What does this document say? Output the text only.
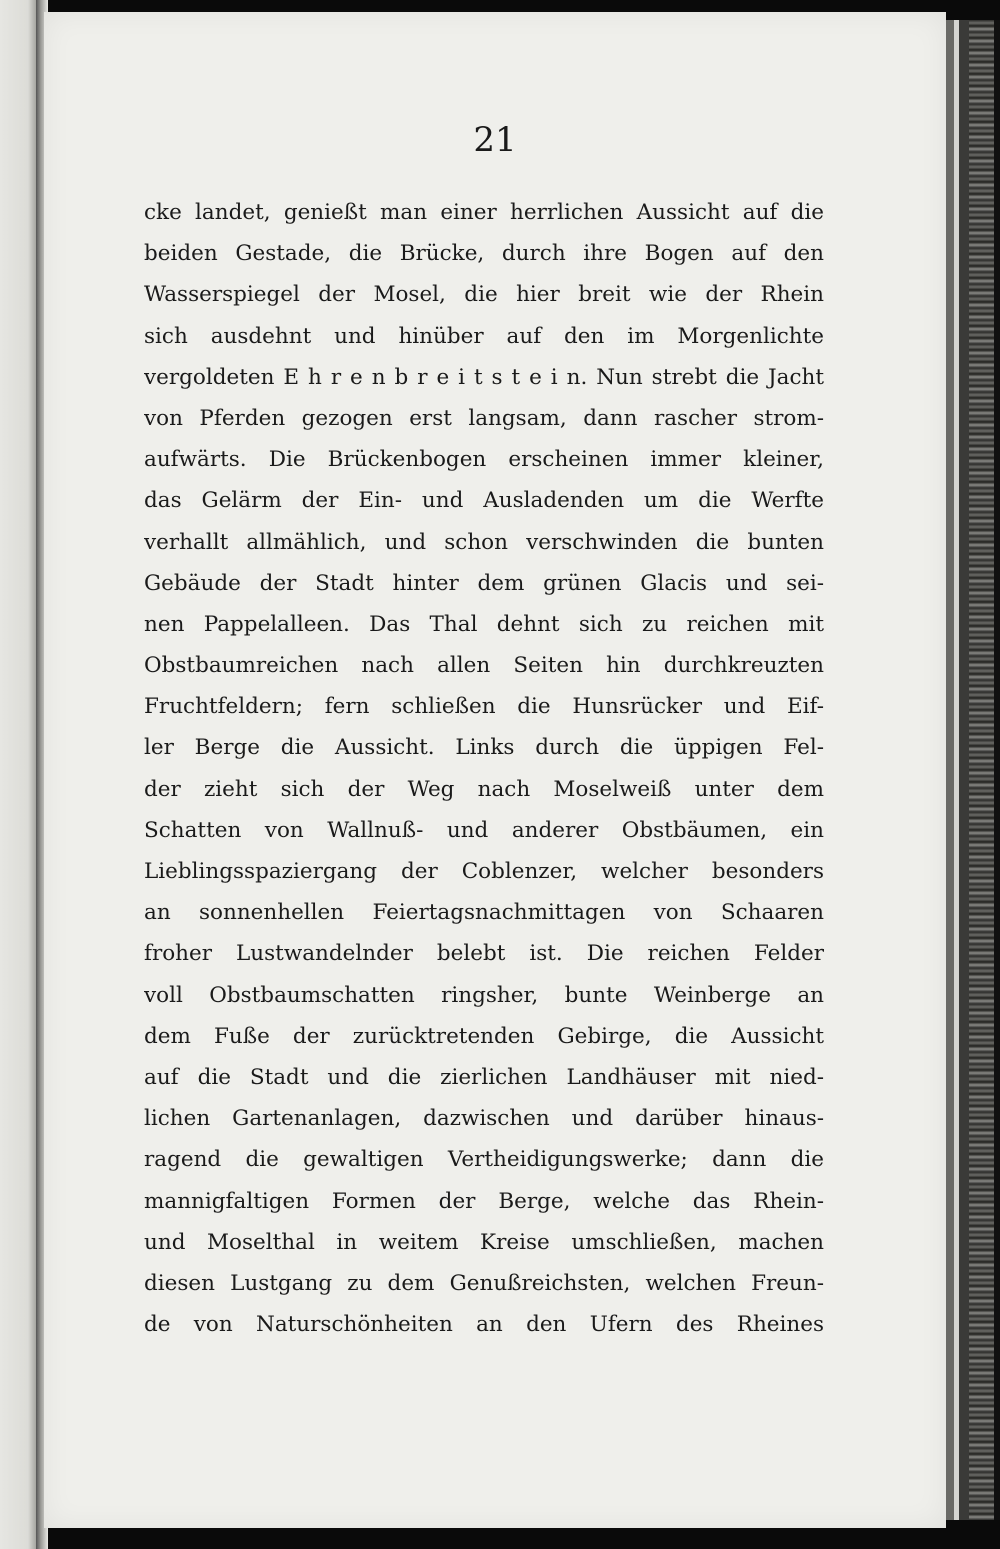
21
cke landet, genießt man einer herrlichen Aussicht auf die
beiden Gestade, die Brücke, durch ihre Bogen auf den
Wasserspiegel der Mosel, die hier breit wie der Rhein
sich ausdehnt und hinüber auf den im Morgenlichte
vergoldeten E h r e n b r e i t s t e i n. Nun strebt die Jacht
von Pferden gezogen erst langsam, dann rascher strom-
aufwärts. Die Brückenbogen erscheinen immer kleiner,
das Gelärm der Ein- und Ausladenden um die Werfte
verhallt allmählich, und schon verschwinden die bunten
Gebäude der Stadt hinter dem grünen Glacis und sei-
nen Pappelalleen. Das Thal dehnt sich zu reichen mit
Obstbaumreichen nach allen Seiten hin durchkreuzten
Fruchtfeldern; fern schließen die Hunsrücker und Eif-
ler Berge die Aussicht. Links durch die üppigen Fel-
der zieht sich der Weg nach Moselweiß unter dem
Schatten von Wallnuß- und anderer Obstbäumen, ein
Lieblingsspaziergang der Coblenzer, welcher besonders
an sonnenhellen Feiertagsnachmittagen von Schaaren
froher Lustwandelnder belebt ist. Die reichen Felder
voll Obstbaumschatten ringsher, bunte Weinberge an
dem Fuße der zurücktretenden Gebirge, die Aussicht
auf die Stadt und die zierlichen Landhäuser mit nied-
lichen Gartenanlagen, dazwischen und darüber hinaus-
ragend die gewaltigen Vertheidigungswerke; dann die
mannigfaltigen Formen der Berge, welche das Rhein-
und Moselthal in weitem Kreise umschließen, machen
diesen Lustgang zu dem Genußreichsten, welchen Freun-
de von Naturschönheiten an den Ufern des Rheines
